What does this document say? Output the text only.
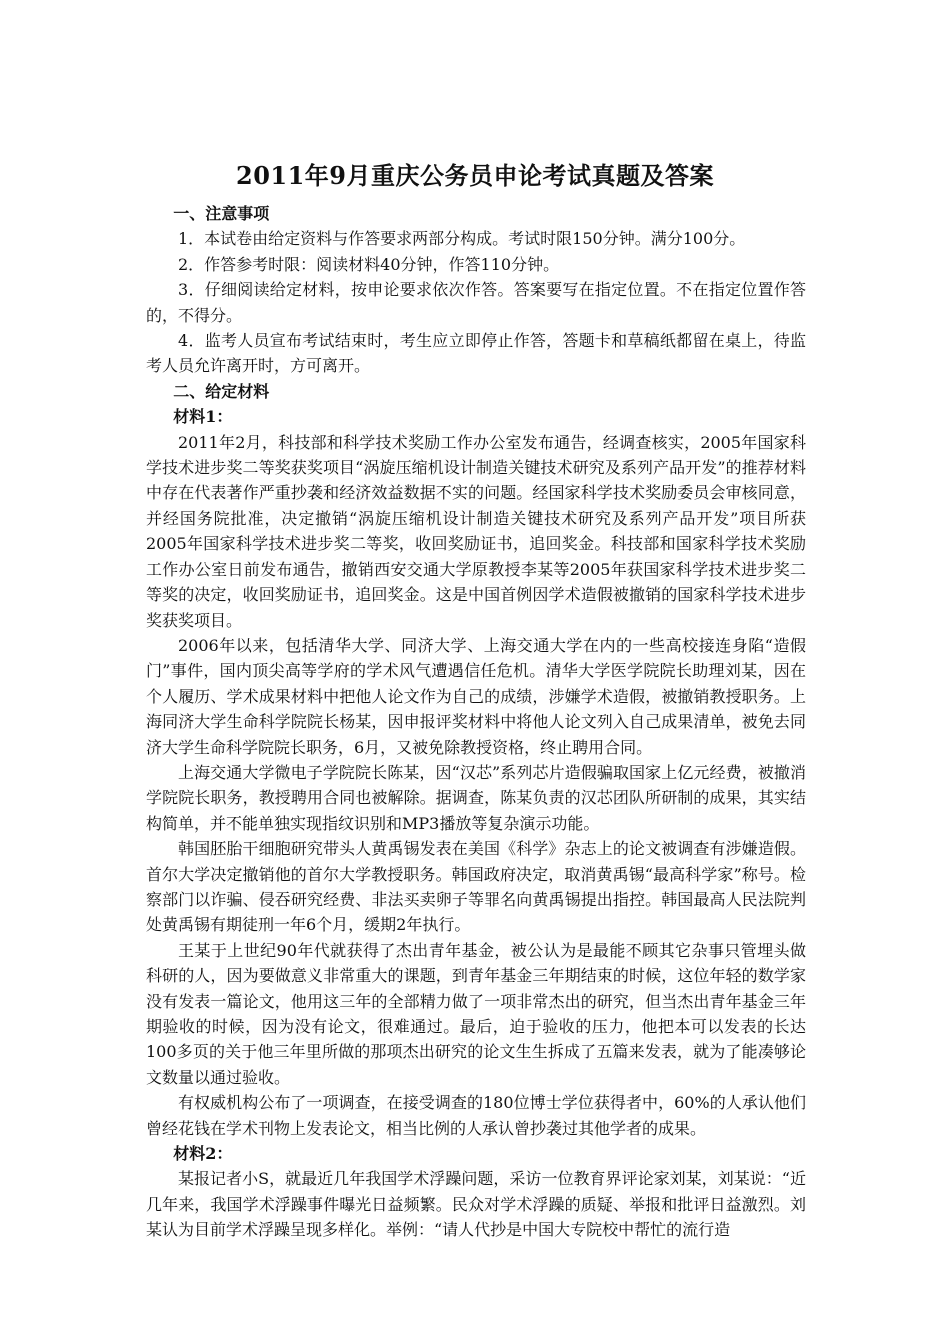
2011年9月重庆公务员申论考试真题及答案

一、注意事项

1．本试卷由给定资料与作答要求两部分构成。考试时限150分钟。满分100分。

2．作答参考时限：阅读材料40分钟，作答110分钟。

3．仔细阅读给定材料，按申论要求依次作答。答案要写在指定位置。不在指定位置作答的，不得分。

4．监考人员宣布考试结束时，考生应立即停止作答，答题卡和草稿纸都留在桌上，待监考人员允许离开时，方可离开。

二、给定材料

材料1：

2011年2月，科技部和科学技术奖励工作办公室发布通告，经调查核实，2005年国家科学技术进步奖二等奖获奖项目“涡旋压缩机设计制造关键技术研究及系列产品开发”的推荐材料中存在代表著作严重抄袭和经济效益数据不实的问题。经国家科学技术奖励委员会审核同意，并经国务院批准，决定撤销“涡旋压缩机设计制造关键技术研究及系列产品开发”项目所获2005年国家科学技术进步奖二等奖，收回奖励证书，追回奖金。科技部和国家科学技术奖励工作办公室日前发布通告，撤销西安交通大学原教授李某等2005年获国家科学技术进步奖二等奖的决定，收回奖励证书，追回奖金。这是中国首例因学术造假被撤销的国家科学技术进步奖获奖项目。

2006年以来，包括清华大学、同济大学、上海交通大学在内的一些高校接连身陷“造假门”事件，国内顶尖高等学府的学术风气遭遇信任危机。清华大学医学院院长助理刘某，因在个人履历、学术成果材料中把他人论文作为自己的成绩，涉嫌学术造假，被撤销教授职务。上海同济大学生命科学院院长杨某，因申报评奖材料中将他人论文列入自己成果清单，被免去同济大学生命科学院院长职务，6月，又被免除教授资格，终止聘用合同。

上海交通大学微电子学院院长陈某，因“汉芯”系列芯片造假骗取国家上亿元经费，被撤消学院院长职务，教授聘用合同也被解除。据调查，陈某负责的汉芯团队所研制的成果，其实结构简单，并不能单独实现指纹识别和MP3播放等复杂演示功能。

韩国胚胎干细胞研究带头人黄禹锡发表在美国《科学》杂志上的论文被调查有涉嫌造假。首尔大学决定撤销他的首尔大学教授职务。韩国政府决定，取消黄禹锡“最高科学家”称号。检察部门以诈骗、侵吞研究经费、非法买卖卵子等罪名向黄禹锡提出指控。韩国最高人民法院判处黄禹锡有期徒刑一年6个月，缓期2年执行。

王某于上世纪90年代就获得了杰出青年基金，被公认为是最能不顾其它杂事只管埋头做科研的人，因为要做意义非常重大的课题，到青年基金三年期结束的时候，这位年轻的数学家没有发表一篇论文，他用这三年的全部精力做了一项非常杰出的研究，但当杰出青年基金三年期验收的时候，因为没有论文，很难通过。最后，迫于验收的压力，他把本可以发表的长达100多页的关于他三年里所做的那项杰出研究的论文生生拆成了五篇来发表，就为了能凑够论文数量以通过验收。

有权威机构公布了一项调查，在接受调查的180位博士学位获得者中，60%的人承认他们曾经花钱在学术刊物上发表论文，相当比例的人承认曾抄袭过其他学者的成果。

材料2：

某报记者小S，就最近几年我国学术浮躁问题，采访一位教育界评论家刘某，刘某说：“近几年来，我国学术浮躁事件曝光日益频繁。民众对学术浮躁的质疑、举报和批评日益激烈。刘某认为目前学术浮躁呈现多样化。举例：“请人代抄是中国大专院校中帮忙的流行造
